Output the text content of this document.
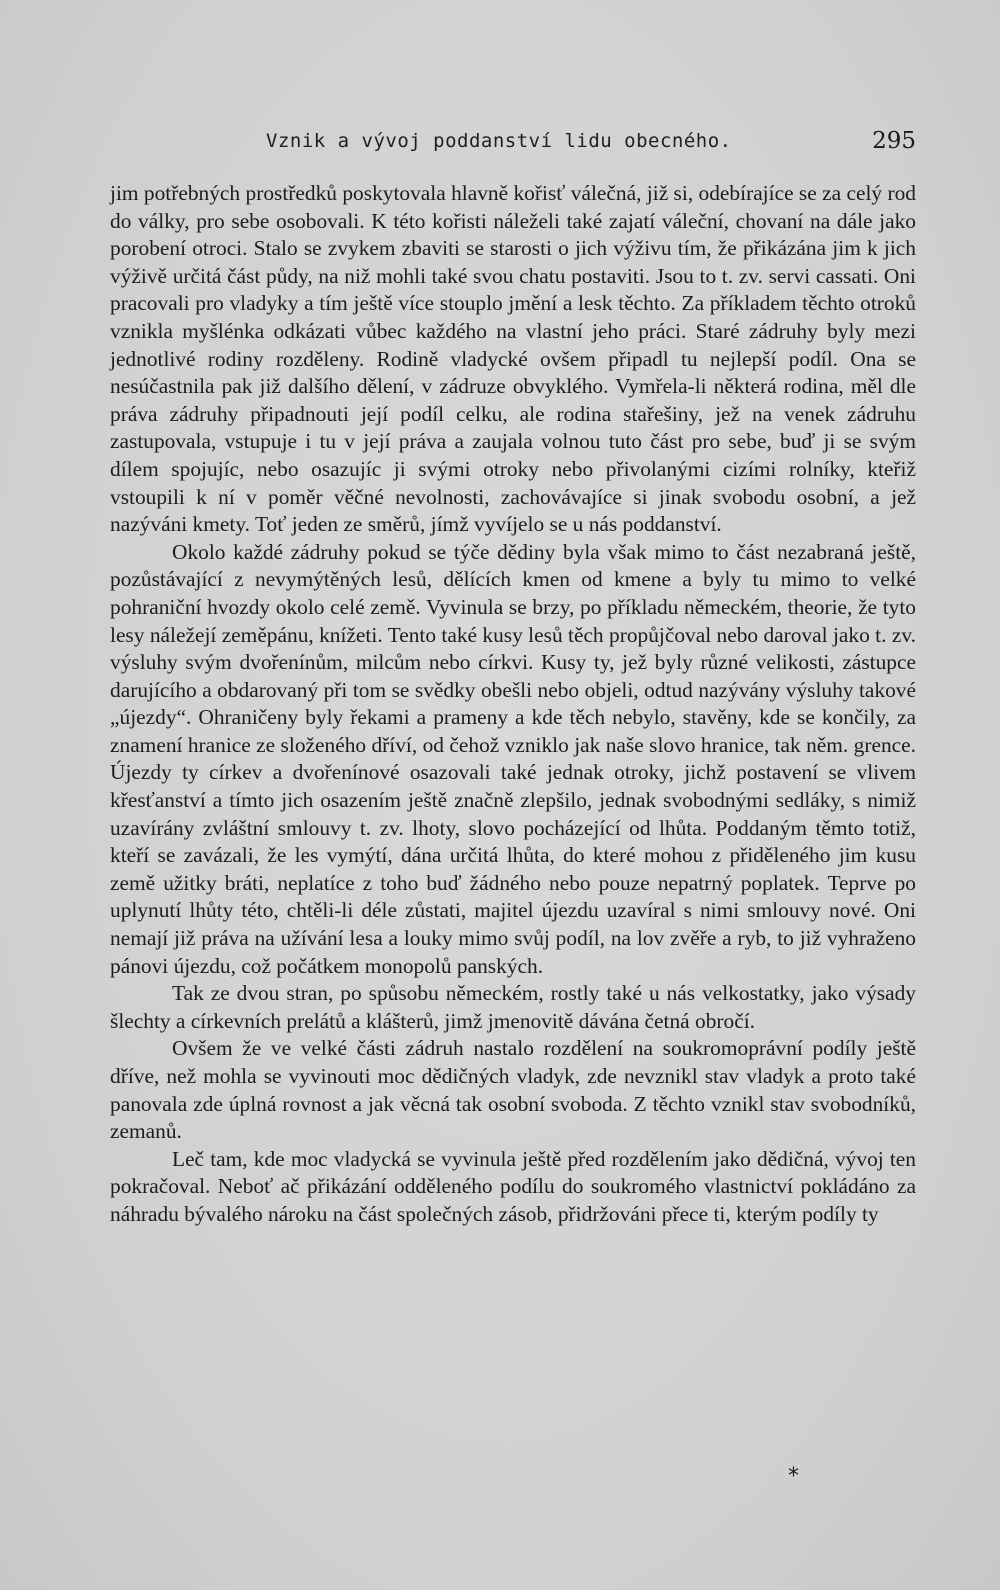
Vznik a vývoj poddanství lidu obecného.	295

jim potřebných prostředků poskytovala hlavně kořisť válečná, již si, odebírajíce se za celý rod do války, pro sebe osobovali. K této kořisti náleželi také zajatí váleční, chovaní na dále jako porobení otroci. Stalo se zvykem zbaviti se starosti o jich výživu tím, že přikázána jim k jich výživě určitá část půdy, na niž mohli také svou chatu postaviti. Jsou to t. zv. servi cassati. Oni pracovali pro vladyky a tím ještě více stouplo jmění a lesk těchto. Za příkladem těchto otroků vznikla myšlénka odkázati vůbec každého na vlastní jeho práci. Staré zádruhy byly mezi jednotlivé rodiny rozděleny. Rodině vladycké ovšem připadl tu nejlepší podíl. Ona se nesúčastnila pak již dalšího dělení, v zádruze obvyklého. Vymřela-li některá rodina, měl dle práva zádruhy připadnouti její podíl celku, ale rodina stařešiny, jež na venek zádruhu zastupovala, vstupuje i tu v její práva a zaujala volnou tuto část pro sebe, buď ji se svým dílem spojujíc, nebo osazujíc ji svými otroky nebo přivolanými cizími rolníky, kteřiž vstoupili k ní v poměr věčné nevolnosti, zachovávajíce si jinak svobodu osobní, a jež nazýváni kmety. Toť jeden ze směrů, jímž vyvíjelo se u nás poddanství.

Okolo každé zádruhy pokud se týče dědiny byla však mimo to část nezabraná ještě, pozůstávající z nevymýtěných lesů, dělících kmen od kmene a byly tu mimo to velké pohraniční hvozdy okolo celé země. Vyvinula se brzy, po příkladu německém, theorie, že tyto lesy náležejí zeměpánu, knížeti. Tento také kusy lesů těch propůjčoval nebo daroval jako t. zv. výsluhy svým dvořenínům, milcům nebo církvi. Kusy ty, jež byly různé velikosti, zástupce darujícího a obdarovaný při tom se svědky obešli nebo objeli, odtud nazývány výsluhy takové „újezdy“. Ohraničeny byly řekami a prameny a kde těch nebylo, stavěny, kde se končily, za znamení hranice ze složeného dříví, od čehož vzniklo jak naše slovo hranice, tak něm. grence. Újezdy ty církev a dvořenínové osazovali také jednak otroky, jichž postavení se vlivem křesťanství a tímto jich osazením ještě značně zlepšilo, jednak svobodnými sedláky, s nimiž uzavírány zvláštní smlouvy t. zv. lhoty, slovo pocházející od lhůta. Poddaným těmto totiž, kteří se zavázali, že les vymýtí, dána určitá lhůta, do které mohou z přiděleného jim kusu země užitky bráti, neplatíce z toho buď žádného nebo pouze nepatrný poplatek. Teprve po uplynutí lhůty této, chtěli-li déle zůstati, majitel újezdu uzavíral s nimi smlouvy nové. Oni nemají již práva na užívání lesa a louky mimo svůj podíl, na lov zvěře a ryb, to již vyhraženo pánovi újezdu, což počátkem monopolů panských.

Tak ze dvou stran, po spůsobu německém, rostly také u nás velkostatky, jako výsady šlechty a církevních prelátů a klášterů, jimž jmenovitě dávána četná obročí.

Ovšem že ve velké části zádruh nastalo rozdělení na soukromoprávní podíly ještě dříve, než mohla se vyvinouti moc dědičných vladyk, zde nevznikl stav vladyk a proto také panovala zde úplná rovnost a jak věcná tak osobní svoboda. Z těchto vznikl stav svobodníků, zemanů.

Leč tam, kde moc vladycká se vyvinula ještě před rozdělením jako dědičná, vývoj ten pokračoval. Neboť ač přikázání odděleného podílu do soukromého vlastnictví pokládáno za náhradu bývalého nároku na část společných zásob, přidržováni přece ti, kterým podíly ty

*
